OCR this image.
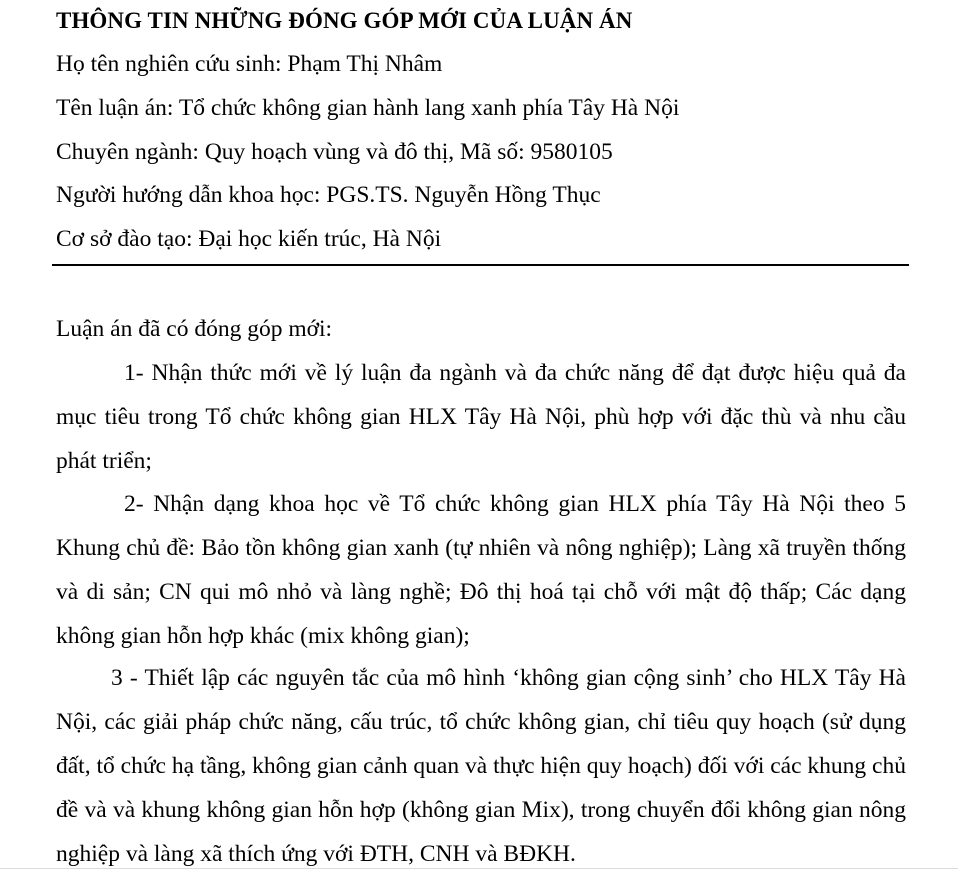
THÔNG TIN NHỮNG ĐÓNG GÓP MỚI CỦA LUẬN ÁN
Họ tên nghiên cứu sinh: Phạm Thị Nhâm
Tên luận án: Tổ chức không gian hành lang xanh phía Tây Hà Nội
Chuyên ngành: Quy hoạch vùng và đô thị, Mã số: 9580105
Người hướng dẫn khoa học: PGS.TS. Nguyễn Hồng Thục
Cơ sở đào tạo: Đại học kiến trúc, Hà Nội
Luận án đã có đóng góp mới:

1- Nhận thức mới về lý luận đa ngành và đa chức năng để đạt được hiệu quả đa mục tiêu trong Tổ chức không gian HLX Tây Hà Nội, phù hợp với đặc thù và nhu cầu phát triển;

2- Nhận dạng khoa học về Tổ chức không gian HLX phía Tây Hà Nội theo 5 Khung chủ đề: Bảo tồn không gian xanh (tự nhiên và nông nghiệp); Làng xã truyền thống và di sản; CN qui mô nhỏ và làng nghề; Đô thị hoá tại chỗ với mật độ thấp; Các dạng không gian hỗn hợp khác (mix không gian);

3 - Thiết lập các nguyên tắc của mô hình ‘không gian cộng sinh’ cho HLX Tây Hà Nội, các giải pháp chức năng, cấu trúc, tổ chức không gian, chỉ tiêu quy hoạch (sử dụng đất, tổ chức hạ tầng, không gian cảnh quan và thực hiện quy hoạch) đối với các khung chủ đề và và khung không gian hỗn hợp (không gian Mix), trong chuyển đổi không gian nông nghiệp và làng xã thích ứng với ĐTH, CNH và BĐKH.
